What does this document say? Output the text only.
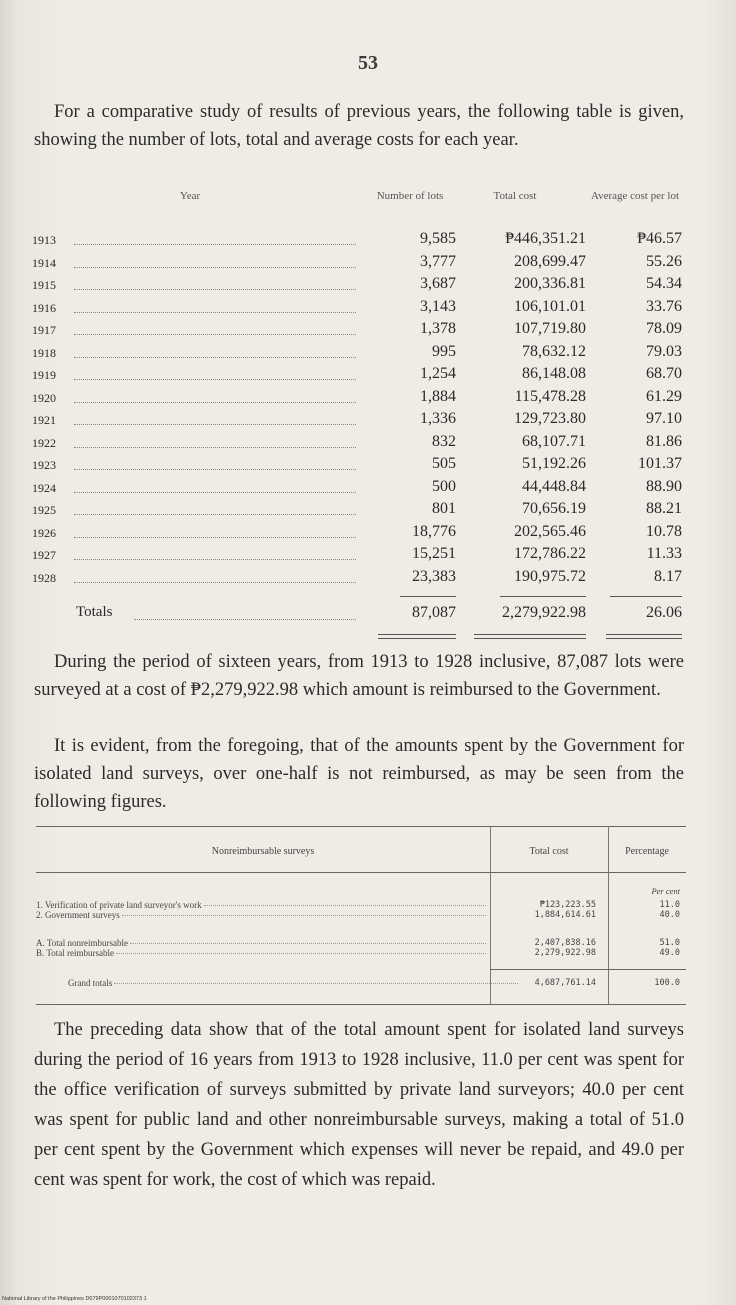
53

For a comparative study of results of previous years, the following table is given, showing the number of lots, total and average costs for each year.

Year	Number of lots	Total cost	Average cost per lot
1913	9,585	₱446,351.21	₱46.57
1914	3,777	208,699.47	55.26
1915	3,687	200,336.81	54.34
1916	3,143	106,101.01	33.76
1917	1,378	107,719.80	78.09
1918	995	78,632.12	79.03
1919	1,254	86,148.08	68.70
1920	1,884	115,478.28	61.29
1921	1,336	129,723.80	97.10
1922	832	68,107.71	81.86
1923	505	51,192.26	101.37
1924	500	44,448.84	88.90
1925	801	70,656.19	88.21
1926	18,776	202,565.46	10.78
1927	15,251	172,786.22	11.33
1928	23,383	190,975.72	8.17
Totals	87,087	2,279,922.98	26.06

During the period of sixteen years, from 1913 to 1928 inclusive, 87,087 lots were surveyed at a cost of ₱2,279,922.98 which amount is reimbursed to the Government.

It is evident, from the foregoing, that of the amounts spent by the Government for isolated land surveys, over one-half is not reimbursed, as may be seen from the following figures.

Nonreimbursable surveys	Total cost	Percentage
Per cent
1. Verification of private land surveyor's work	₱123,223.55	11.0
2. Government surveys	1,884,614.61	40.0
A. Total nonreimbursable	2,407,838.16	51.0
B. Total reimbursable	2,279,922.98	49.0
Grand totals	4,687,761.14	100.0

The preceding data show that of the total amount spent for isolated land surveys during the period of 16 years from 1913 to 1928 inclusive, 11.0 per cent was spent for the office verification of surveys submitted by private land surveyors; 40.0 per cent was spent for public land and other nonreimbursable surveys, making a total of 51.0 per cent spent by the Government which expenses will never be repaid, and 49.0 per cent was spent for work, the cost of which was repaid.

National Library of the Philippines D079P0001070102373 1
